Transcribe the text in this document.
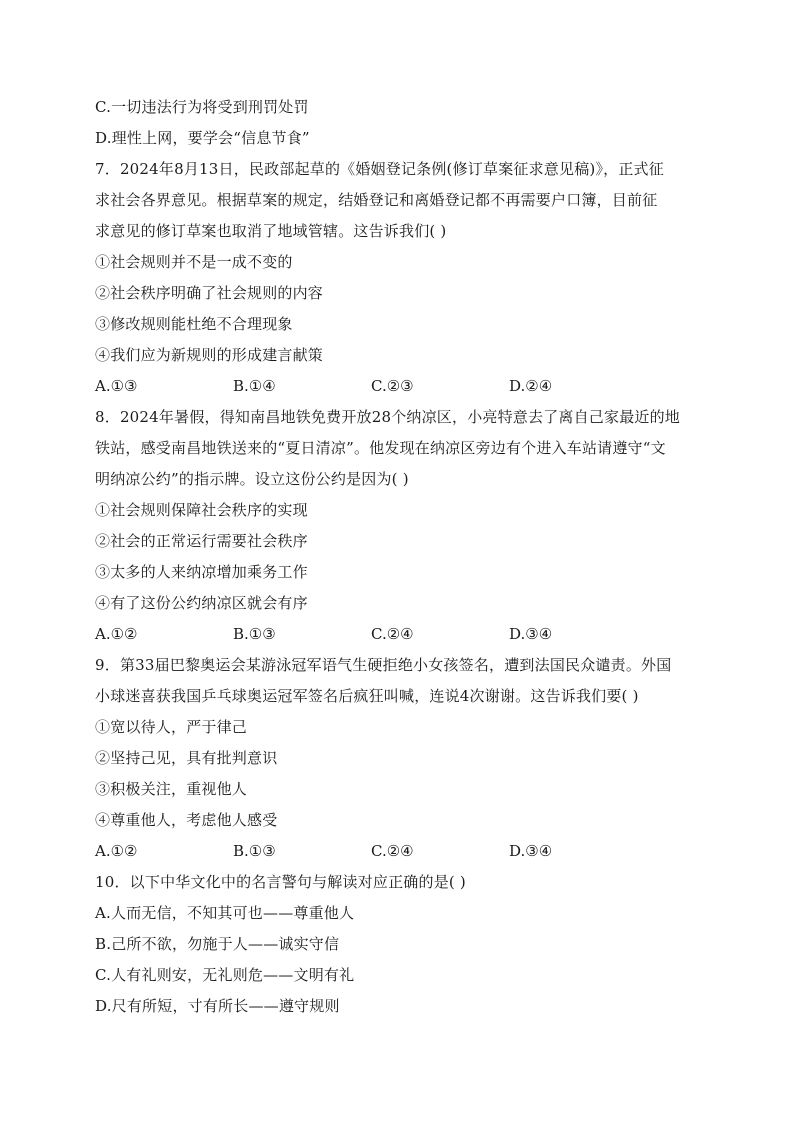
C.一切违法行为将受到刑罚处罚
D.理性上网，要学会“信息节食”
7．2024年8月13日，民政部起草的《婚姻登记条例(修订草案征求意见稿)》，正式征
求社会各界意见。根据草案的规定，结婚登记和离婚登记都不再需要户口簿，目前征
求意见的修订草案也取消了地域管辖。这告诉我们( )
①社会规则并不是一成不变的
②社会秩序明确了社会规则的内容
③修改规则能杜绝不合理现象
④我们应为新规则的形成建言献策
A.①③	B.①④	C.②③	D.②④
8．2024年暑假，得知南昌地铁免费开放28个纳凉区，小亮特意去了离自己家最近的地
铁站，感受南昌地铁送来的“夏日清凉”。他发现在纳凉区旁边有个进入车站请遵守“文
明纳凉公约”的指示牌。设立这份公约是因为( )
①社会规则保障社会秩序的实现
②社会的正常运行需要社会秩序
③太多的人来纳凉增加乘务工作
④有了这份公约纳凉区就会有序
A.①②	B.①③	C.②④	D.③④
9．第33届巴黎奥运会某游泳冠军语气生硬拒绝小女孩签名，遭到法国民众谴责。外国
小球迷喜获我国乒乓球奥运冠军签名后疯狂叫喊，连说4次谢谢。这告诉我们要( )
①宽以待人，严于律己
②坚持己见，具有批判意识
③积极关注，重视他人
④尊重他人，考虑他人感受
A.①②	B.①③	C.②④	D.③④
10．以下中华文化中的名言警句与解读对应正确的是( )
A.人而无信，不知其可也——尊重他人
B.己所不欲，勿施于人——诚实守信
C.人有礼则安，无礼则危——文明有礼
D.尺有所短，寸有所长——遵守规则
